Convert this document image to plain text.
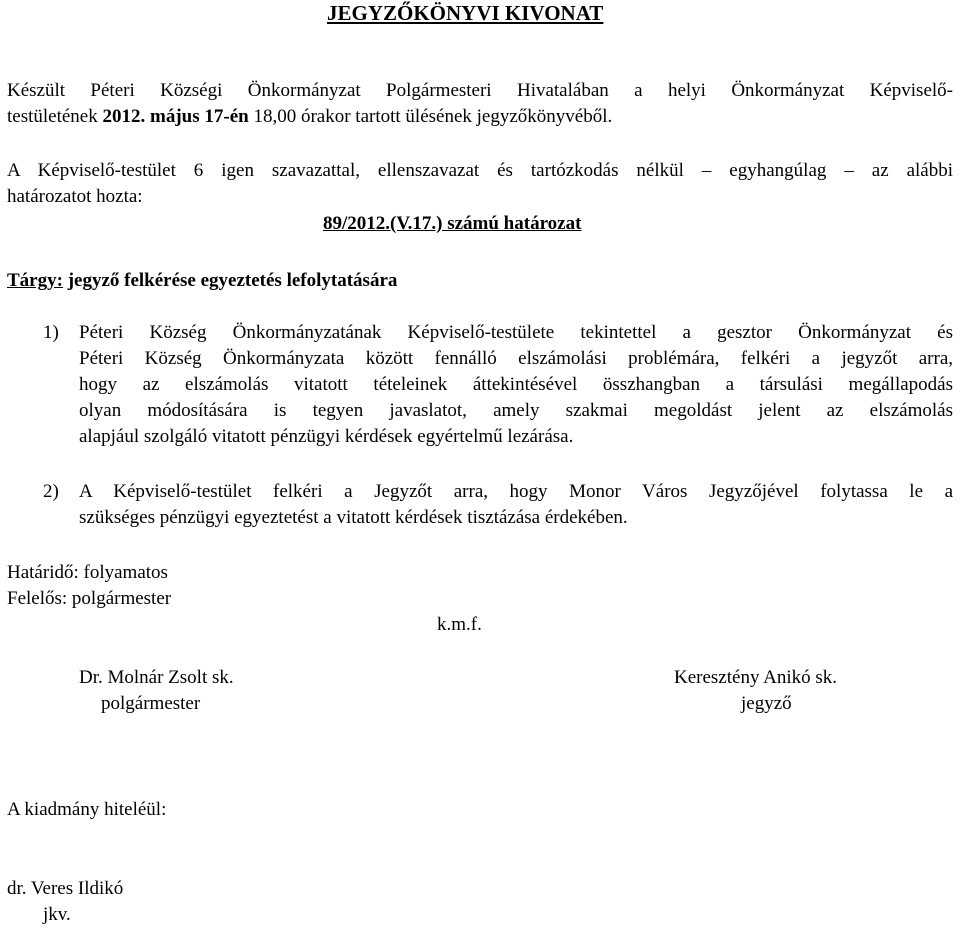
JEGYZŐKÖNYVI KIVONAT
Készült Péteri Községi Önkormányzat Polgármesteri Hivatalában a helyi Önkormányzat Képviselő-
testületének 2012. május 17-én 18,00 órakor tartott ülésének jegyzőkönyvéből.
A Képviselő-testület 6 igen szavazattal, ellenszavazat és tartózkodás nélkül – egyhangúlag – az alábbi
határozatot hozta:
89/2012.(V.17.) számú határozat
Tárgy: jegyző felkérése egyeztetés lefolytatására
1) Péteri Község Önkormányzatának Képviselő-testülete tekintettel a gesztor Önkormányzat és
Péteri Község Önkormányzata között fennálló elszámolási problémára, felkéri a jegyzőt arra,
hogy az elszámolás vitatott tételeinek áttekintésével összhangban a társulási megállapodás
olyan módosítására is tegyen javaslatot, amely szakmai megoldást jelent az elszámolás
alapjául szolgáló vitatott pénzügyi kérdések egyértelmű lezárása.
2) A Képviselő-testület felkéri a Jegyzőt arra, hogy Monor Város Jegyzőjével folytassa le a
szükséges pénzügyi egyeztetést a vitatott kérdések tisztázása érdekében.
Határidő: folyamatos
Felelős: polgármester
k.m.f.
Dr. Molnár Zsolt sk.
polgármester
Keresztény Anikó sk.
jegyző
A kiadmány hiteléül:
dr. Veres Ildikó
jkv.
